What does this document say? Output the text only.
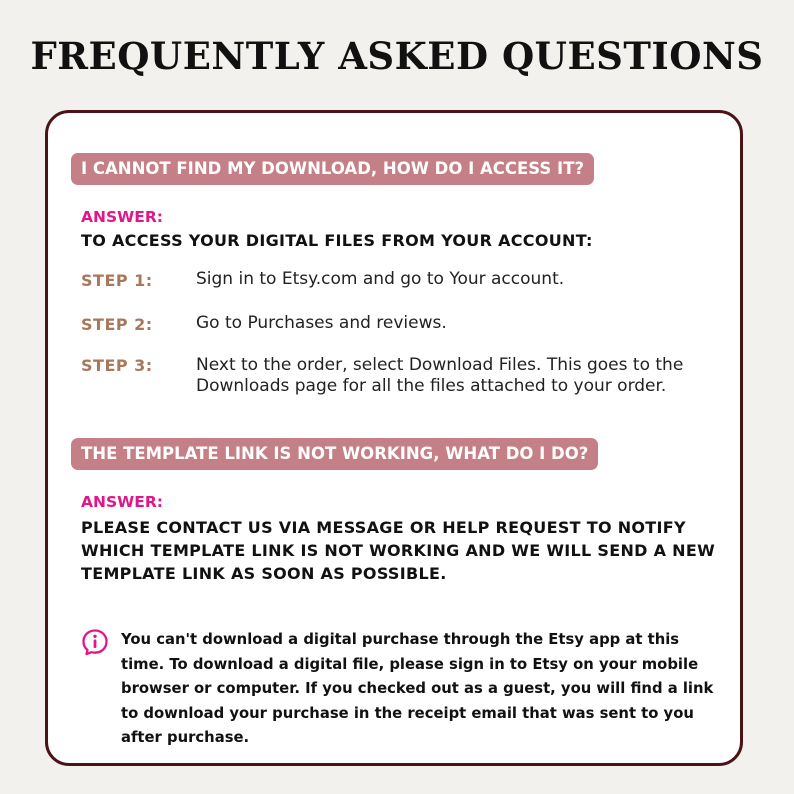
FREQUENTLY ASKED QUESTIONS
I CANNOT FIND MY DOWNLOAD, HOW DO I ACCESS IT?
ANSWER:
TO ACCESS YOUR DIGITAL FILES FROM YOUR ACCOUNT:
STEP 1:	Sign in to Etsy.com and go to Your account.
STEP 2:	Go to Purchases and reviews.
STEP 3:	Next to the order, select Download Files. This goes to the Downloads page for all the files attached to your order.
THE TEMPLATE LINK IS NOT WORKING, WHAT DO I DO?
ANSWER:
PLEASE CONTACT US VIA MESSAGE OR HELP REQUEST TO NOTIFY WHICH TEMPLATE LINK IS NOT WORKING AND WE WILL SEND A NEW TEMPLATE LINK AS SOON AS POSSIBLE.
You can't download a digital purchase through the Etsy app at this time. To download a digital file, please sign in to Etsy on your mobile browser or computer. If you checked out as a guest, you will find a link to download your purchase in the receipt email that was sent to you after purchase.
